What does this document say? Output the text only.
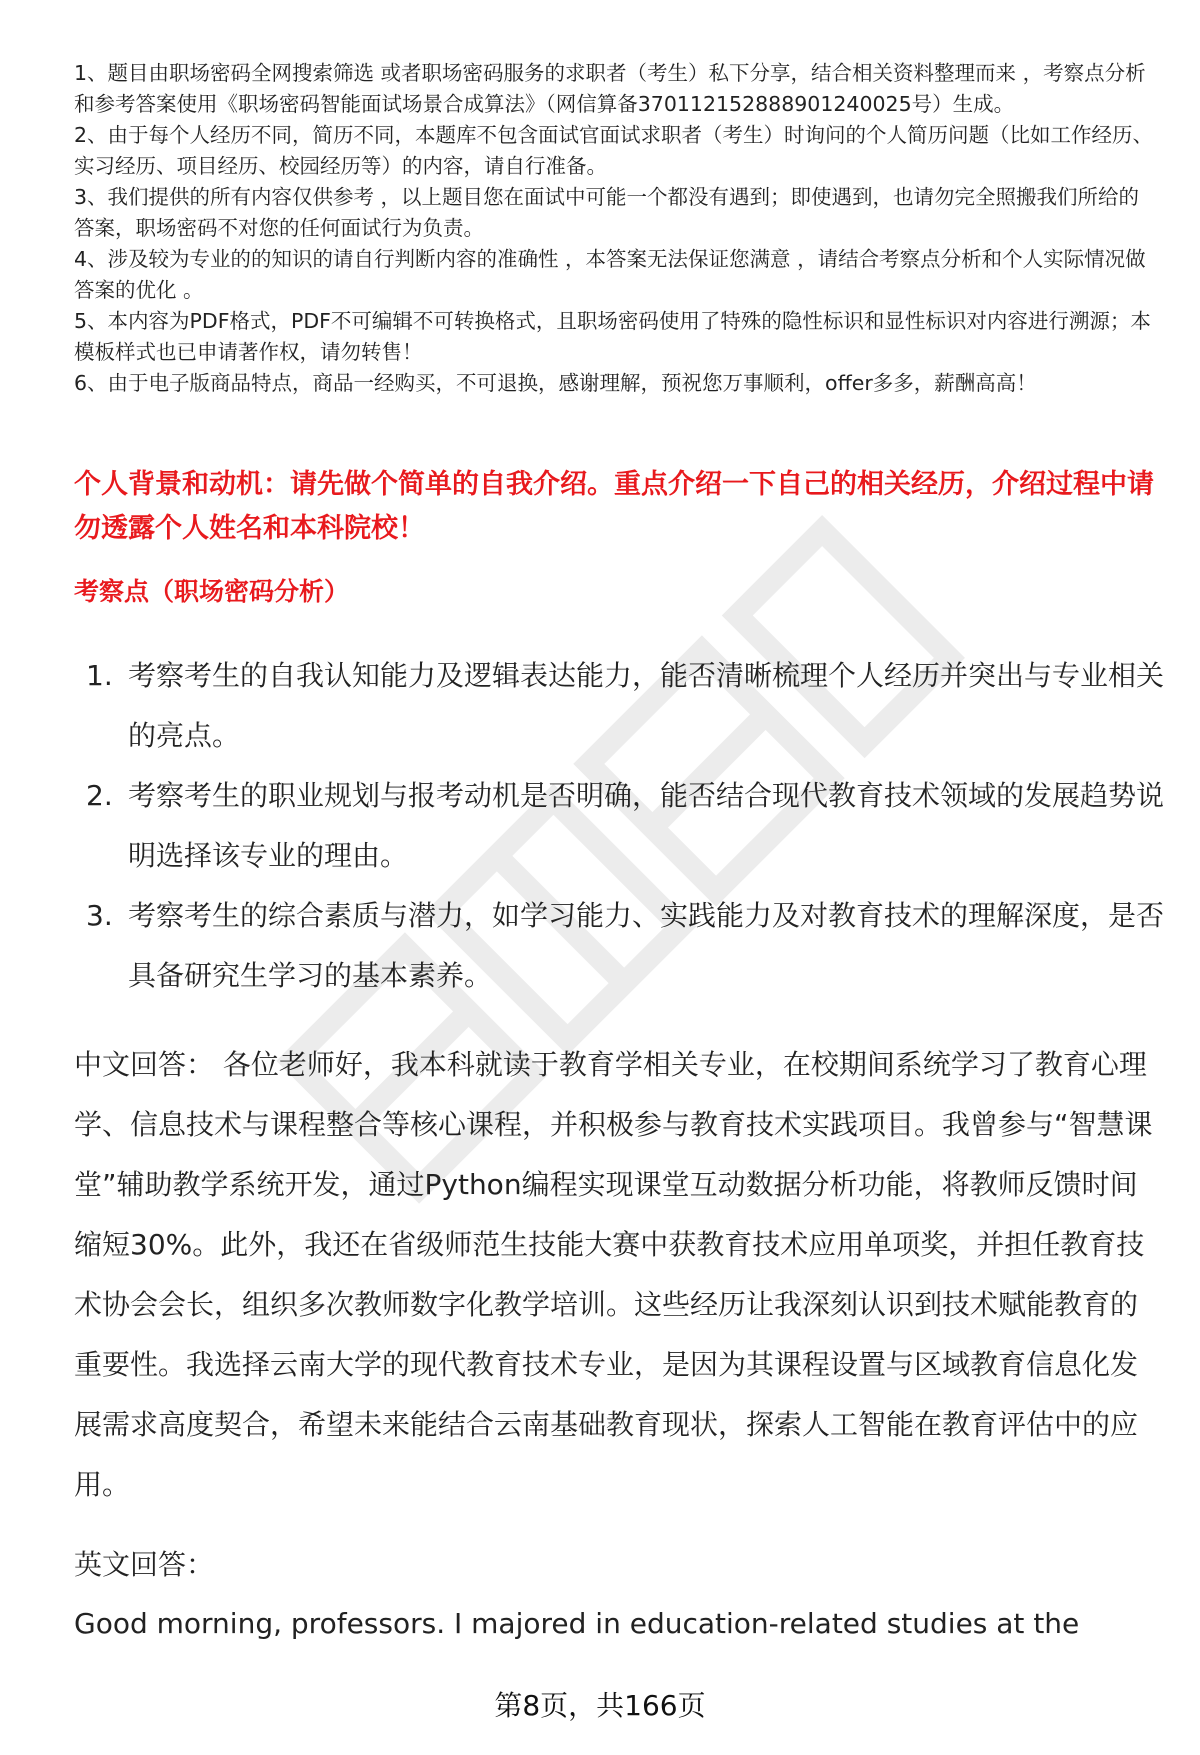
1、题目由职场密码全网搜索筛选 或者职场密码服务的求职者（考生）私下分享，结合相关资料整理而来 ，考察点分析和参考答案使用《职场密码智能面试场景合成算法》（网信算备370112152888901240025号）生成。

2、由于每个人经历不同，简历不同，本题库不包含面试官面试求职者（考生）时询问的个人简历问题（比如工作经历、实习经历、项目经历、校园经历等）的内容，请自行准备。

3、我们提供的所有内容仅供参考 ，以上题目您在面试中可能一个都没有遇到；即使遇到，也请勿完全照搬我们所给的答案，职场密码不对您的任何面试行为负责。

4、涉及较为专业的的知识的请自行判断内容的准确性 ，本答案无法保证您满意 ，请结合考察点分析和个人实际情况做答案的优化 。

5、本内容为PDF格式，PDF不可编辑不可转换格式，且职场密码使用了特殊的隐性标识和显性标识对内容进行溯源；本模板样式也已申请著作权，请勿转售！

6、由于电子版商品特点，商品一经购买，不可退换，感谢理解，预祝您万事顺利，offer多多，薪酬高高！

个人背景和动机：请先做个简单的自我介绍。重点介绍一下自己的相关经历，介绍过程中请勿透露个人姓名和本科院校！
考察点（职场密码分析）
1. 考察考生的自我认知能力及逻辑表达能力，能否清晰梳理个人经历并突出与专业相关的亮点。
2. 考察考生的职业规划与报考动机是否明确，能否结合现代教育技术领域的发展趋势说明选择该专业的理由。
3. 考察考生的综合素质与潜力，如学习能力、实践能力及对教育技术的理解深度，是否具备研究生学习的基本素养。
中文回答： 各位老师好，我本科就读于教育学相关专业，在校期间系统学习了教育心理学、信息技术与课程整合等核心课程，并积极参与教育技术实践项目。我曾参与“智慧课堂”辅助教学系统开发，通过Python编程实现课堂互动数据分析功能，将教师反馈时间缩短30%。此外，我还在省级师范生技能大赛中获教育技术应用单项奖，并担任教育技术协会会长，组织多次教师数字化教学培训。这些经历让我深刻认识到技术赋能教育的重要性。我选择云南大学的现代教育技术专业，是因为其课程设置与区域教育信息化发展需求高度契合，希望未来能结合云南基础教育现状，探索人工智能在教育评估中的应用。
英文回答：
Good morning, professors. I majored in education-related studies at the
第8页，共166页
